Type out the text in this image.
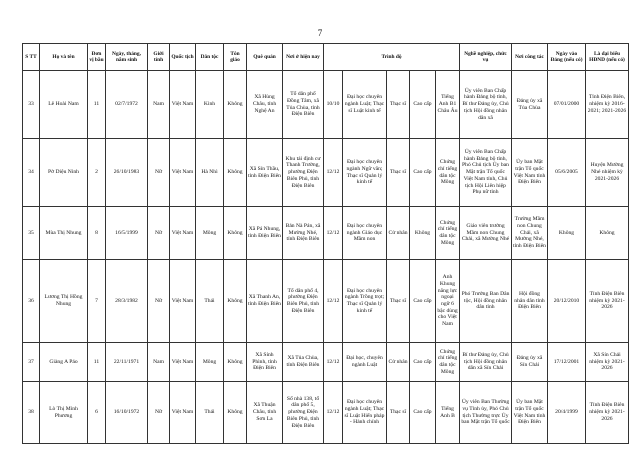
7
S TT	Họ và tên	Đơn vị bầu	Ngày, tháng, năm sinh	Giới tính	Quốc tịch	Dân tộc	Tôn giáo	Quê quán	Nơi ở hiện nay	Trình độ					Nghề nghiệp, chức vụ	Nơi công tác	Ngày vào Đảng (nếu có)	Là đại biểu HĐND (nếu có)
33	Lê Hoài Nam	11	02/7/1972	Nam	Việt Nam	Kinh	Không	Xã Hùng Châu, tỉnh Nghệ An	Tổ dân phố Đồng Tâm, xã Tủa Chùa, tỉnh Điện Biên	10/10	Đại học chuyên ngành Luật; Thạc sĩ Luật kinh tế	Thạc sĩ	Cao cấp	Tiếng Anh B1 Châu Âu	Ủy viên Ban Chấp hành Đảng bộ tỉnh, Bí thư Đảng ủy, Chủ tịch Hội đồng nhân dân xã	Đảng ủy xã Tủa Chùa	07/01/2000	Tỉnh Điện Biên, nhiệm kỳ 2016-2021; 2021-2026
34	Pờ Diệu Ninh	2	26/10/1983	Nữ	Việt Nam	Hà Nhì	Không	Xã Sín Thầu, tỉnh Điện Biên	Khu tái định cư Thanh Trường, phường Điện Biên Phủ, tỉnh Điện Biên	12/12	Đại học chuyên ngành Ngữ văn; Thạc sĩ Quản lý kinh tế	Thạc sĩ	Cao cấp	Chứng chỉ tiếng dân tộc Mông	Ủy viên Ban Chấp hành Đảng bộ tỉnh, Phó Chủ tịch Ủy ban Mặt trận Tổ quốc Việt Nam tỉnh, Chủ tịch Hội Liên hiệp Phụ nữ tỉnh	Ủy ban Mặt trận Tổ quốc Việt Nam tỉnh Điện Biên	05/6/2005	Huyện Mường Nhé nhiệm kỳ 2021-2026
35	Mùa Thị Nhung	8	16/5/1999	Nữ	Việt Nam	Mông	Không	Xã Pá Nhung, tỉnh Điện Biên	Bản Nà Pán, xã Mường Nhé, tỉnh Điện Biên	12/12	Đại học chuyên ngành Giáo dục Mầm non	Cử nhân	Không	Chứng chỉ tiếng dân tộc Mông	Giáo viên trường Mầm non Chung Chải, xã Mường Nhé	Trường Mầm non Chung Chải, xã Mường Nhé, tỉnh Điện Biên	Không	Không
36	Lương Thị Hồng Nhung	7	28/3/1982	Nữ	Việt Nam	Thái	Không	Xã Thanh An, tỉnh Điện Biên	Tổ dân phố 4, phường Điện Biên Phủ, tỉnh Điện Biên	12/12	Đại học chuyên ngành Trồng trọt; Thạc sĩ Quản lý kinh tế	Thạc sĩ	Cao cấp	Anh Khung năng lực ngoại ngữ 6 bậc dùng cho Việt Nam	Phó Trưởng Ban Dân tộc, Hội đồng nhân dân tỉnh	Hội đồng nhân dân tỉnh Điện Biên	20/12/2010	Tỉnh Điện Biên nhiệm kỳ 2021-2026
37	Giàng A Páo	11	22/11/1971	Nam	Việt Nam	Mông	Không	Xã Sính Phình, tỉnh Điện Biên	Xã Tủa Chùa, tỉnh Điện Biên	12/12	Đại học, chuyên ngành Luật	Cử nhân	Cao cấp	Chứng chỉ tiếng dân tộc Mông	Bí thư Đảng ủy, Chủ tịch Hội đồng nhân dân xã Sín Chải	Đảng ủy xã Sín Chải	17/12/2001	Xã Sín Chải nhiệm kỳ 2021-2026
38	Lò Thị Minh Phương	6	16/10/1972	Nữ	Việt Nam	Thái	Không	Xã Thuận Châu, tỉnh Sơn La	Số nhà 138, tổ dân phố 5, phường Điện Biên Phủ, tỉnh Điện Biên	12/12	Đại học chuyên ngành Luật; Thạc sĩ Luật Hiến pháp - Hành chính	Thạc sĩ	Cao cấp	Tiếng Anh B	Ủy viên Ban Thường vụ Tỉnh ủy, Phó Chủ tịch Thường trực Ủy ban Mặt trận Tổ quốc	Ủy ban Mặt trận Tổ quốc Việt Nam tỉnh Điện Biên	20/4/1999	Tỉnh Điện Biên nhiệm kỳ 2021-2026
